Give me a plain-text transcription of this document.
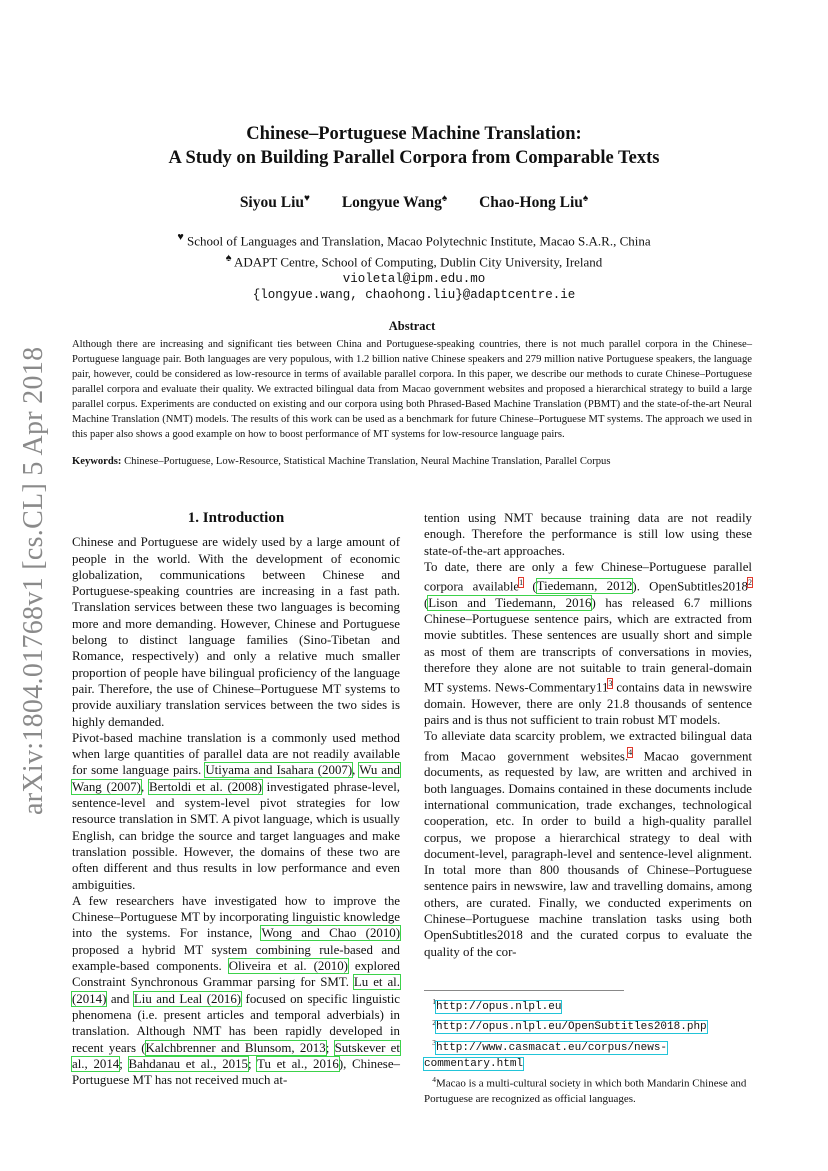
arXiv:1804.01768v1 [cs.CL] 5 Apr 2018
Chinese–Portuguese Machine Translation:
A Study on Building Parallel Corpora from Comparable Texts
Siyou Liu♥ Longyue Wang♠ Chao-Hong Liu♠
♥ School of Languages and Translation, Macao Polytechnic Institute, Macao S.A.R., China
♠ ADAPT Centre, School of Computing, Dublin City University, Ireland
violetal@ipm.edu.mo
{longyue.wang, chaohong.liu}@adaptcentre.ie
Abstract

Although there are increasing and significant ties between China and Portuguese-speaking countries, there is not much parallel corpora in the Chinese–Portuguese language pair. Both languages are very populous, with 1.2 billion native Chinese speakers and 279 million native Portuguese speakers, the language pair, however, could be considered as low-resource in terms of available parallel corpora. In this paper, we describe our methods to curate Chinese–Portuguese parallel corpora and evaluate their quality. We extracted bilingual data from Macao government websites and proposed a hierarchical strategy to build a large parallel corpus. Experiments are conducted on existing and our corpora using both Phrased-Based Machine Translation (PBMT) and the state-of-the-art Neural Machine Translation (NMT) models. The results of this work can be used as a benchmark for future Chinese–Portuguese MT systems. The approach we used in this paper also shows a good example on how to boost performance of MT systems for low-resource language pairs.

Keywords: Chinese–Portuguese, Low-Resource, Statistical Machine Translation, Neural Machine Translation, Parallel Corpus

1. Introduction

Chinese and Portuguese are widely used by a large amount of people in the world. With the development of economic globalization, communications between Chinese and Portuguese-speaking countries are increasing in a fast path. Translation services between these two languages is becoming more and more demanding. However, Chinese and Portuguese belong to distinct language families (Sino-Tibetan and Romance, respectively) and only a relative much smaller proportion of people have bilingual proficiency of the language pair. Therefore, the use of Chinese–Portuguese MT systems to provide auxiliary translation services between the two sides is highly demanded.

Pivot-based machine translation is a commonly used method when large quantities of parallel data are not readily available for some language pairs. Utiyama and Isahara (2007), Wu and Wang (2007), Bertoldi et al. (2008) investigated phrase-level, sentence-level and system-level pivot strategies for low resource translation in SMT. A pivot language, which is usually English, can bridge the source and target languages and make translation possible. However, the domains of these two are often different and thus results in low performance and even ambiguities.

A few researchers have investigated how to improve the Chinese–Portuguese MT by incorporating linguistic knowledge into the systems. For instance, Wong and Chao (2010) proposed a hybrid MT system combining rule-based and example-based components. Oliveira et al. (2010) explored Constraint Synchronous Grammar parsing for SMT. Lu et al. (2014) and Liu and Leal (2016) focused on specific linguistic phenomena (i.e. present articles and temporal adverbials) in translation. Although NMT has been rapidly developed in recent years (Kalchbrenner and Blunsom, 2013; Sutskever et al., 2014; Bahdanau et al., 2015; Tu et al., 2016), Chinese–Portuguese MT has not received much at-

tention using NMT because training data are not readily enough. Therefore the performance is still low using these state-of-the-art approaches.

To date, there are only a few Chinese–Portuguese parallel corpora available$^1$ (Tiedemann, 2012). OpenSubtitles2018$^2$ (Lison and Tiedemann, 2016) has released 6.7 millions Chinese–Portuguese sentence pairs, which are extracted from movie subtitles. These sentences are usually short and simple as most of them are transcripts of conversations in movies, therefore they alone are not suitable to train general-domain MT systems. News-Commentary11$^3$ contains data in newswire domain. However, there are only 21.8 thousands of sentence pairs and is thus not sufficient to train robust MT models.

To alleviate data scarcity problem, we extracted bilingual data from Macao government websites.$^4$ Macao government documents, as requested by law, are written and archived in both languages. Domains contained in these documents include international communication, trade exchanges, technological cooperation, etc. In order to build a high-quality parallel corpus, we propose a hierarchical strategy to deal with document-level, paragraph-level and sentence-level alignment. In total more than 800 thousands of Chinese–Portuguese sentence pairs in newswire, law and travelling domains, among others, are curated. Finally, we conducted experiments on Chinese–Portuguese machine translation tasks using both OpenSubtitles2018 and the curated corpus to evaluate the quality of the cor-

$^1$http://opus.nlpl.eu
$^2$http://opus.nlpl.eu/OpenSubtitles2018.php
$^3$http://www.casmacat.eu/corpus/news-commentary.html
$^4$Macao is a multi-cultural society in which both Mandarin Chinese and Portuguese are recognized as official languages.
